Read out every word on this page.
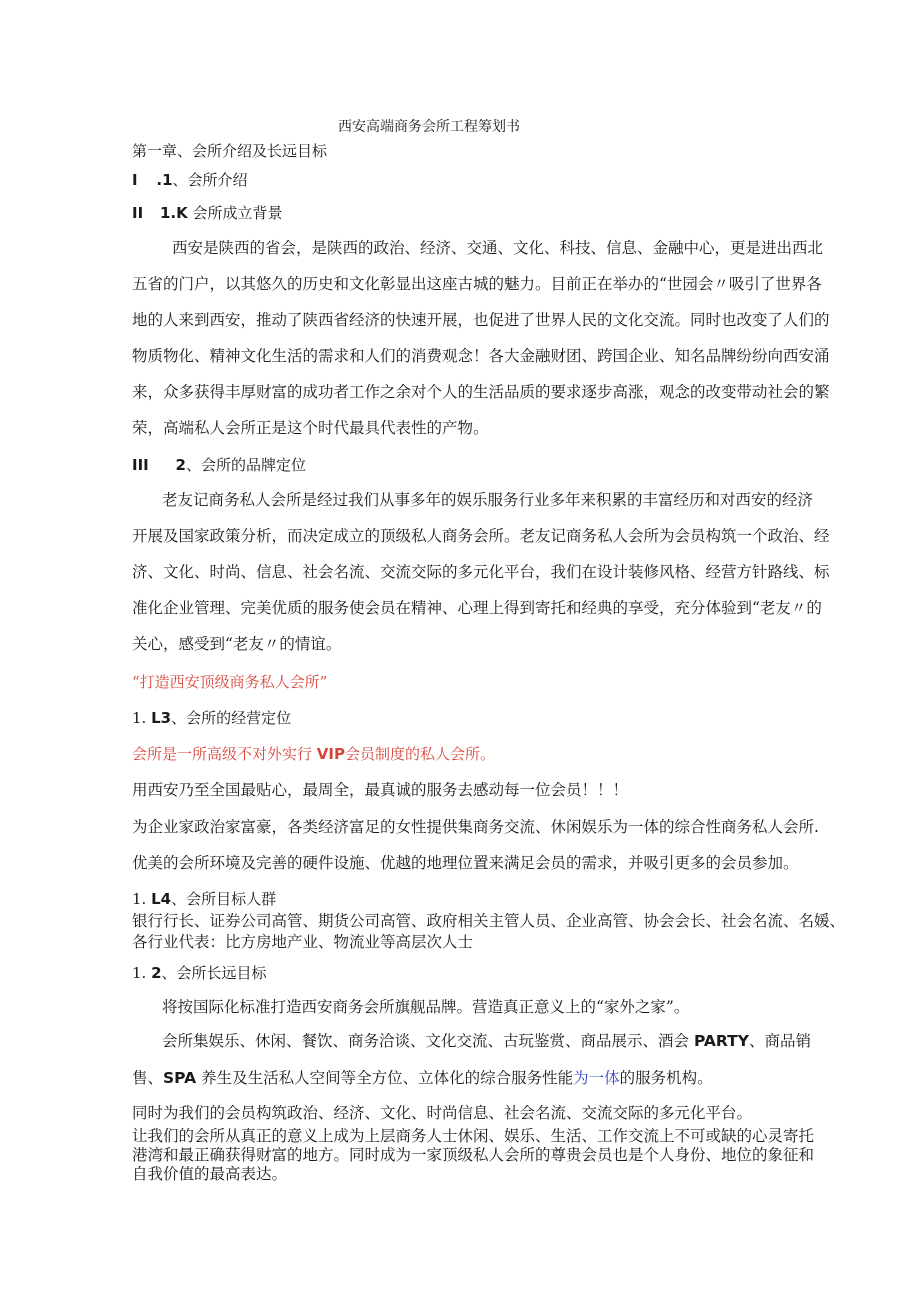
西安高端商务会所工程筹划书
第一章、会所介绍及长远目标
I .1、会所介绍
II 1.K 会所成立背景
西安是陕西的省会，是陕西的政治、经济、交通、文化、科技、信息、金融中心，更是进出西北
五省的门户，以其悠久的历史和文化彰显出这座古城的魅力。目前正在举办的“世园会〃吸引了世界各
地的人来到西安，推动了陕西省经济的快速开展，也促进了世界人民的文化交流。同时也改变了人们的
物质物化、精神文化生活的需求和人们的消费观念！各大金融财团、跨国企业、知名品牌纷纷向西安涌
来，众多获得丰厚财富的成功者工作之余对个人的生活品质的要求逐步高涨，观念的改变带动社会的繁
荣，高端私人会所正是这个时代最具代表性的产物。
III 2、会所的品牌定位
老友记商务私人会所是经过我们从事多年的娱乐服务行业多年来积累的丰富经历和对西安的经济
开展及国家政策分析，而决定成立的顶级私人商务会所。老友记商务私人会所为会员构筑一个政治、经
济、文化、时尚、信息、社会名流、交流交际的多元化平台，我们在设计装修风格、经营方针路线、标
准化企业管理、完美优质的服务使会员在精神、心理上得到寄托和经典的享受，充分体验到“老友〃的
关心，感受到“老友〃的情谊。
“打造西安顶级商务私人会所”
1. L3、会所的经营定位
会所是一所高级不对外实行 VIP会员制度的私人会所。
用西安乃至全国最贴心，最周全，最真诚的服务去感动每一位会员！！！
为企业家政治家富豪，各类经济富足的女性提供集商务交流、休闲娱乐为一体的综合性商务私人会所.
优美的会所环境及完善的硬件设施、优越的地理位置来满足会员的需求，并吸引更多的会员参加。
1. L4、会所目标人群
银行行长、证券公司高管、期货公司高管、政府相关主管人员、企业高管、协会会长、社会名流、名媛、
各行业代表：比方房地产业、物流业等高层次人士
1. 2、会所长远目标
将按国际化标准打造西安商务会所旗舰品牌。营造真正意义上的“家外之家”。
会所集娱乐、休闲、餐饮、商务洽谈、文化交流、古玩鉴赏、商品展示、酒会 PARTY、商品销
售、SPA 养生及生活私人空间等全方位、立体化的综合服务性能为一体的服务机构。
同时为我们的会员构筑政治、经济、文化、时尚信息、社会名流、交流交际的多元化平台。
让我们的会所从真正的意义上成为上层商务人士休闲、娱乐、生活、工作交流上不可或缺的心灵寄托
港湾和最正确获得财富的地方。同时成为一家顶级私人会所的尊贵会员也是个人身份、地位的象征和
自我价值的最高表达。
